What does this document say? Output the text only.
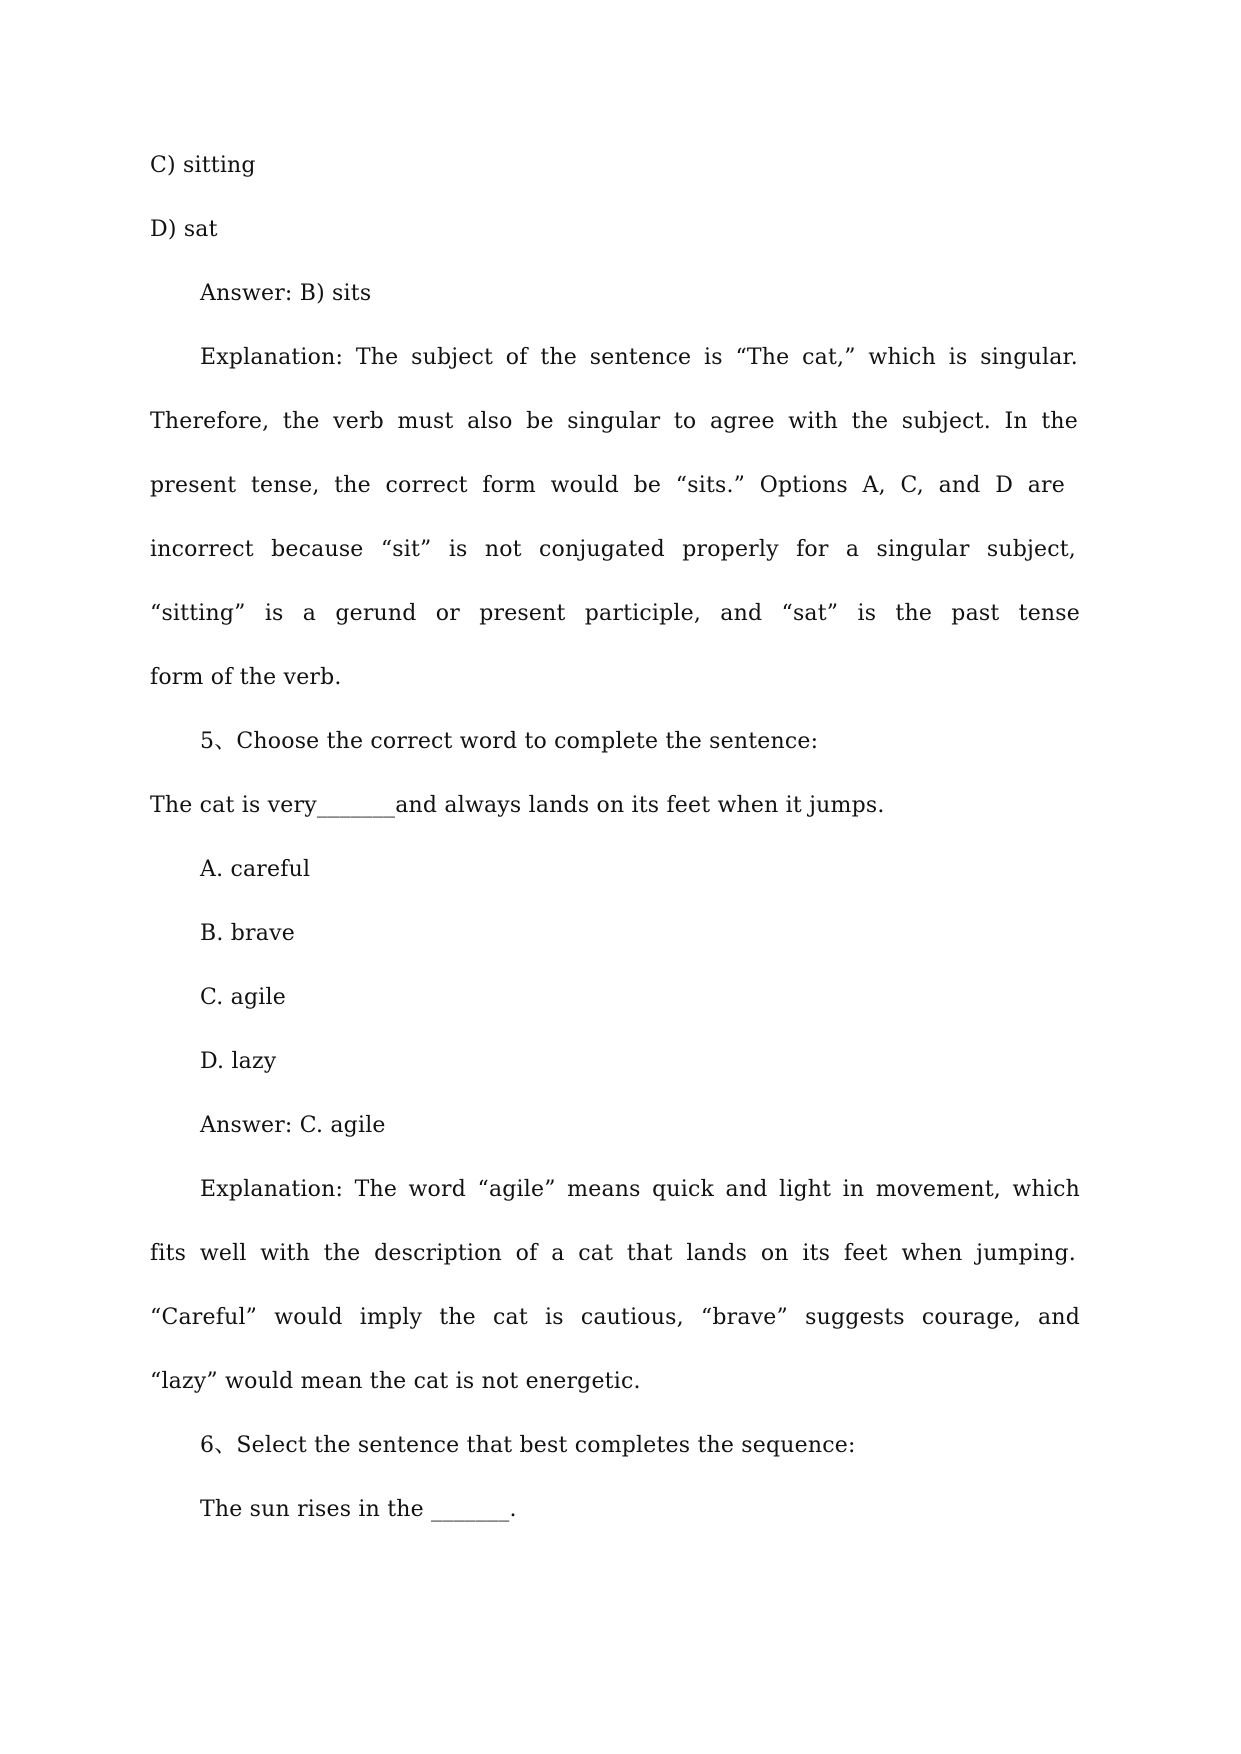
C) sitting
D) sat
Answer: B) sits
Explanation: The subject of the sentence is “The cat,” which is singular.
Therefore, the verb must also be singular to agree with the subject. In the
present tense, the correct form would be “sits.” Options A, C, and D are
incorrect because “sit” is not conjugated properly for a singular subject,
“sitting” is a gerund or present participle, and “sat” is the past tense
form of the verb.
5、Choose the correct word to complete the sentence:
The cat is very_______and always lands on its feet when it jumps.
A. careful
B. brave
C. agile
D. lazy
Answer: C. agile
Explanation: The word “agile” means quick and light in movement, which
fits well with the description of a cat that lands on its feet when jumping.
“Careful” would imply the cat is cautious, “brave” suggests courage, and
“lazy” would mean the cat is not energetic.
6、Select the sentence that best completes the sequence:
The sun rises in the _______.
